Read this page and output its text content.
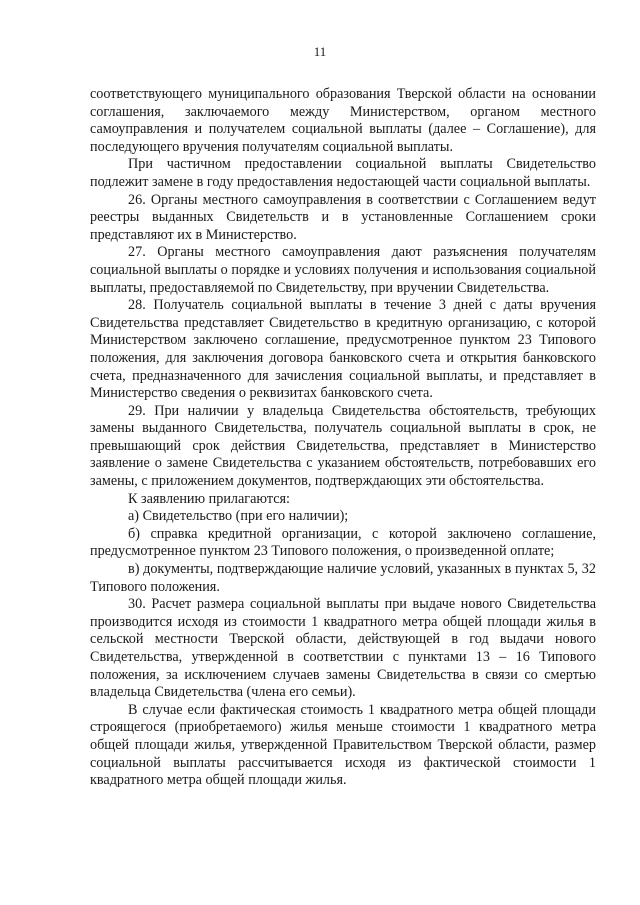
11

соответствующего муниципального образования Тверской области на основании соглашения, заключаемого между Министерством, органом местного самоуправления и получателем социальной выплаты (далее – Соглашение), для последующего вручения получателям социальной выплаты.

При частичном предоставлении социальной выплаты Свидетельство подлежит замене в году предоставления недостающей части социальной выплаты.

26. Органы местного самоуправления в соответствии с Соглашением ведут реестры выданных Свидетельств и в установленные Соглашением сроки представляют их в Министерство.

27. Органы местного самоуправления дают разъяснения получателям социальной выплаты о порядке и условиях получения и использования социальной выплаты, предоставляемой по Свидетельству, при вручении Свидетельства.

28. Получатель социальной выплаты в течение 3 дней с даты вручения Свидетельства представляет Свидетельство в кредитную организацию, с которой Министерством заключено соглашение, предусмотренное пунктом 23 Типового положения, для заключения договора банковского счета и открытия банковского счета, предназначенного для зачисления социальной выплаты, и представляет в Министерство сведения о реквизитах банковского счета.

29. При наличии у владельца Свидетельства обстоятельств, требующих замены выданного Свидетельства, получатель социальной выплаты в срок, не превышающий срок действия Свидетельства, представляет в Министерство заявление о замене Свидетельства с указанием обстоятельств, потребовавших его замены, с приложением документов, подтверждающих эти обстоятельства.

К заявлению прилагаются:

а) Свидетельство (при его наличии);

б) справка кредитной организации, с которой заключено соглашение, предусмотренное пунктом 23 Типового положения, о произведенной оплате;

в) документы, подтверждающие наличие условий, указанных в пунктах 5, 32 Типового положения.

30. Расчет размера социальной выплаты при выдаче нового Свидетельства производится исходя из стоимости 1 квадратного метра общей площади жилья в сельской местности Тверской области, действующей в год выдачи нового Свидетельства, утвержденной в соответствии с пунктами 13 – 16 Типового положения, за исключением случаев замены Свидетельства в связи со смертью владельца Свидетельства (члена его семьи).

В случае если фактическая стоимость 1 квадратного метра общей площади строящегося (приобретаемого) жилья меньше стоимости 1 квадратного метра общей площади жилья, утвержденной Правительством Тверской области, размер социальной выплаты рассчитывается исходя из фактической стоимости 1 квадратного метра общей площади жилья.
